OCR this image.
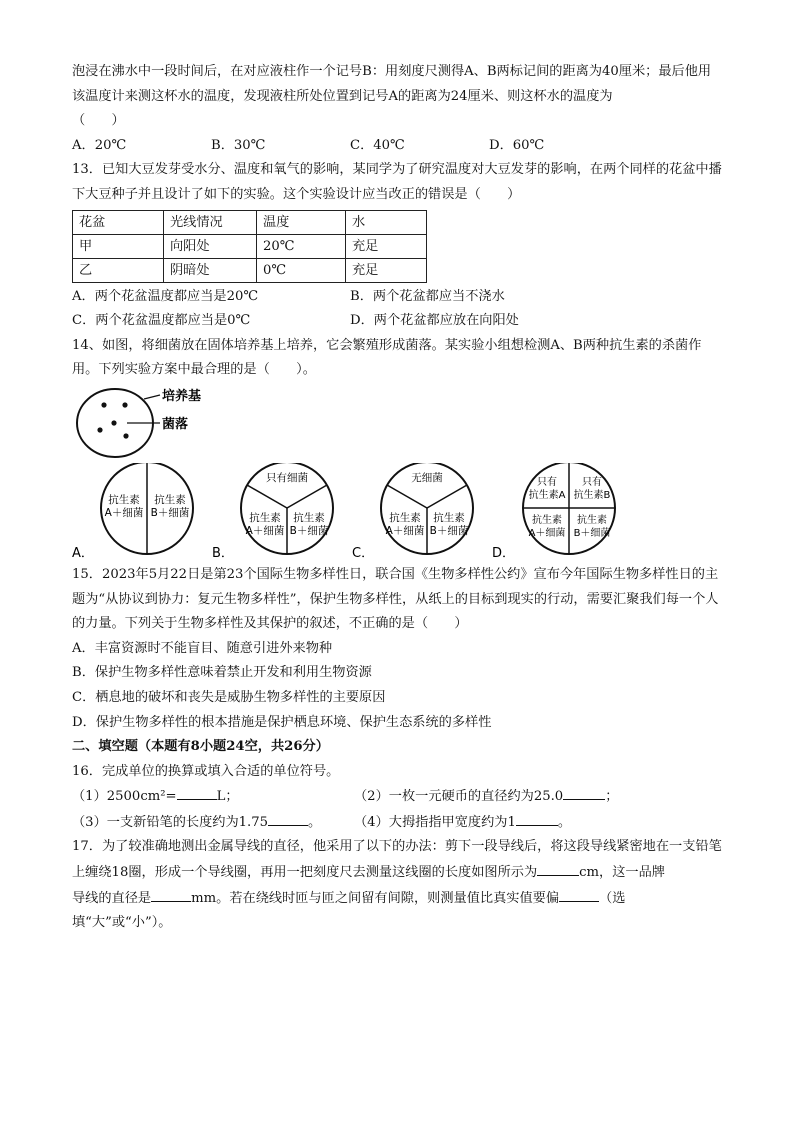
泡浸在沸水中一段时间后，在对应液柱作一个记号B：用刻度尺测得A、B两标记间的距离为40厘米；最后他用该温度计来测这杯水的温度，发现液柱所处位置到记号A的距离为24厘米、则这杯水的温度为
（　　）

A．20℃	B．30℃	C．40℃	D．60℃

13．已知大豆发芽受水分、温度和氧气的影响，某同学为了研究温度对大豆发芽的影响，在两个同样的花盆中播下大豆种子并且设计了如下的实验。这个实验设计应当改正的错误是（　　）

花盆	光线情况	温度	水
甲	向阳处	20℃	充足
乙	阴暗处	0℃	充足
A．两个花盆温度都应当是20℃	B．两个花盆都应当不浇水
C．两个花盆温度都应当是0℃	D．两个花盆都应放在向阳处

14、如图，将细菌放在固体培养基上培养，它会繁殖形成菌落。某实验小组想检测A、B两种抗生素的杀菌作用。下列实验方案中最合理的是（　　）。

培养基
菌落
抗生素
A＋细菌
抗生素
B＋细菌
A．
只有细菌
抗生素
A＋细菌
抗生素
B＋细菌
B．
无细菌
抗生素
A＋细菌
抗生素
B＋细菌
C．
只有
抗生素A
只有
抗生素B
抗生素
A＋细菌
抗生素
B＋细菌
D．

15．2023年5月22日是第23个国际生物多样性日，联合国《生物多样性公约》宣布今年国际生物多样性日的主题为“从协议到协力：复元生物多样性”，保护生物多样性，从纸上的目标到现实的行动，需要汇聚我们每一个人的力量。下列关于生物多样性及其保护的叙述，不正确的是（　　）

A．丰富资源时不能盲目、随意引进外来物种

B．保护生物多样性意味着禁止开发和利用生物资源

C．栖息地的破坏和丧失是威胁生物多样性的主要原因

D．保护生物多样性的根本措施是保护栖息环境、保护生态系统的多样性

二、填空题（本题有8小题24空，共26分）

16．完成单位的换算或填入合适的单位符号。

（1）2500cm²=	L；	（2）一枚一元硬币的直径约为25.0	；
（3）一支新铅笔的长度约为1.75	。	（4）大拇指指甲宽度约为1	。

17．为了较准确地测出金属导线的直径，他采用了以下的办法：剪下一段导线后，将这段导线紧密地在一支铅笔上缠绕18圈，形成一个导线圈，再用一把刻度尺去测量这线圈的长度如图所示为	cm，这一品牌

导线的直径是	mm。若在绕线时匝与匝之间留有间隙，则测量值比真实值要偏	（选填“大”或“小”）。
